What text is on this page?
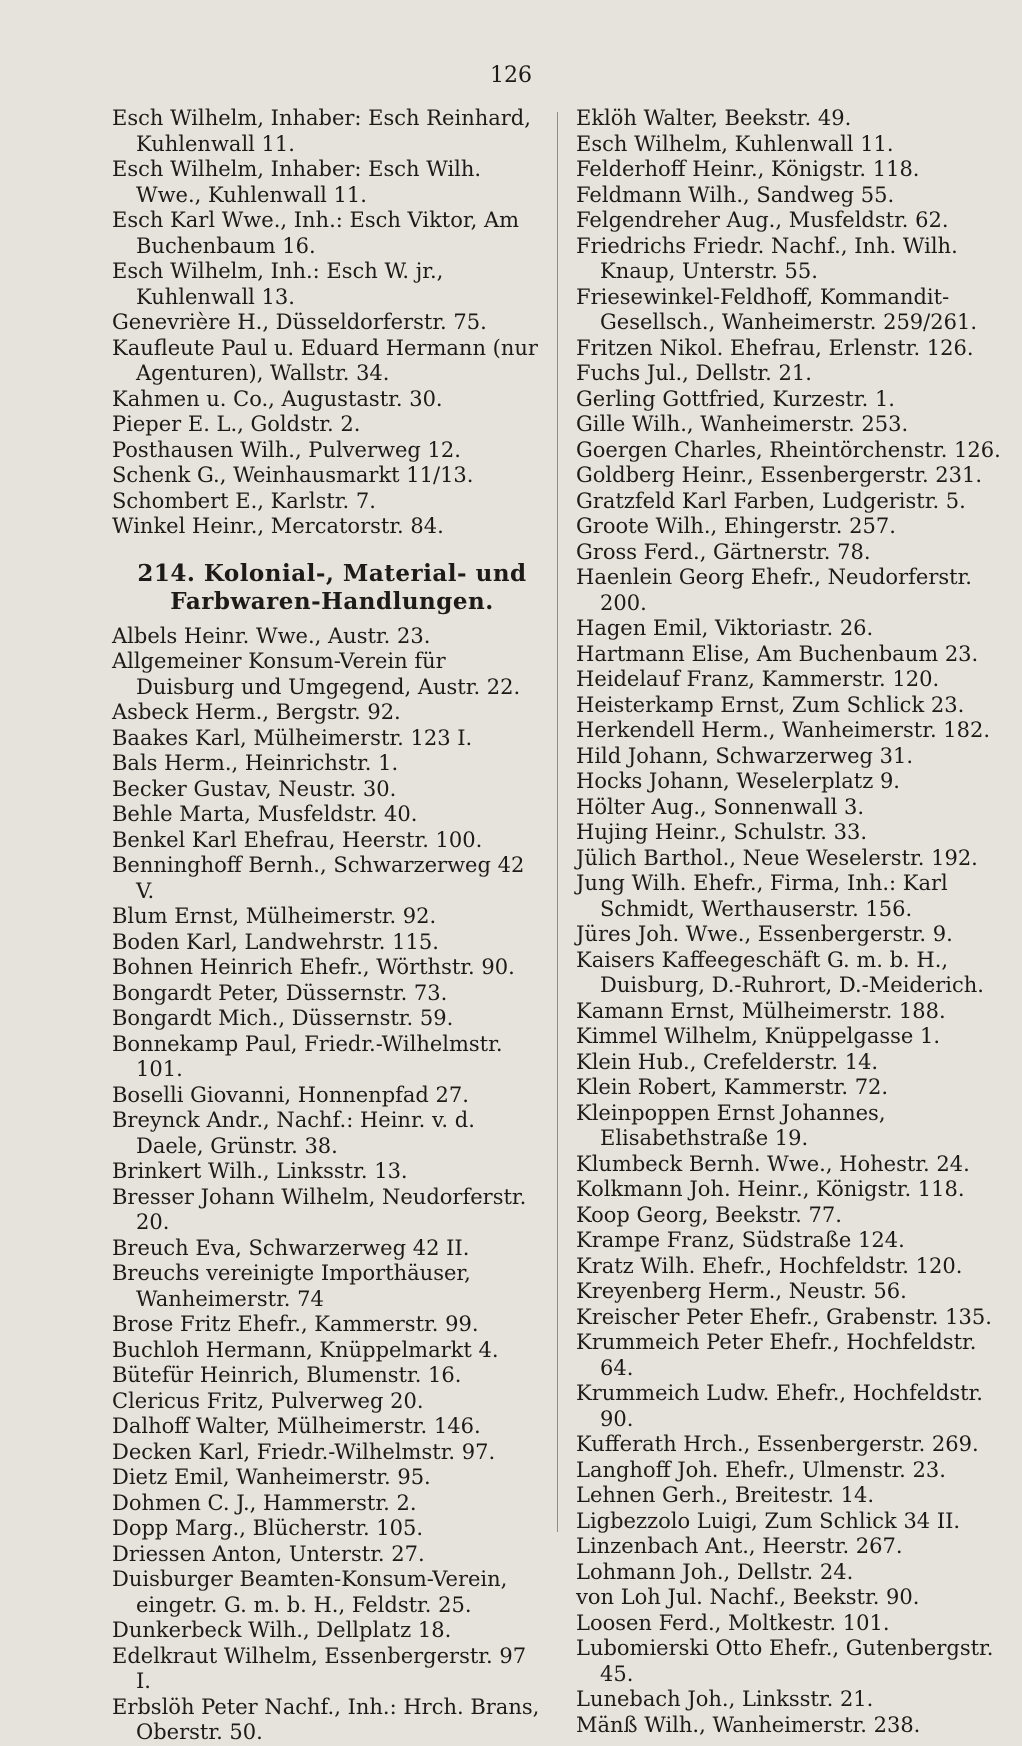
126
Esch Wilhelm, Inhaber: Esch Reinhard, Kuhlenwall 11.
Esch Wilhelm, Inhaber: Esch Wilh. Wwe., Kuhlenwall 11.
Esch Karl Wwe., Inh.: Esch Viktor, Am Buchenbaum 16.
Esch Wilhelm, Inh.: Esch W. jr., Kuhlenwall 13.
Genevrière H., Düsseldorferstr. 75.
Kaufleute Paul u. Eduard Hermann (nur Agenturen), Wallstr. 34.
Kahmen u. Co., Augustastr. 30.
Pieper E. L., Goldstr. 2.
Posthausen Wilh., Pulverweg 12.
Schenk G., Weinhausmarkt 11/13.
Schombert E., Karlstr. 7.
Winkel Heinr., Mercatorstr. 84.
214. Kolonial-, Material- und
Farbwaren-Handlungen.
Albels Heinr. Wwe., Austr. 23.
Allgemeiner Konsum-Verein für Duisburg und Umgegend, Austr. 22.
Asbeck Herm., Bergstr. 92.
Baakes Karl, Mülheimerstr. 123 I.
Bals Herm., Heinrichstr. 1.
Becker Gustav, Neustr. 30.
Behle Marta, Musfeldstr. 40.
Benkel Karl Ehefrau, Heerstr. 100.
Benninghoff Bernh., Schwarzerweg 42 V.
Blum Ernst, Mülheimerstr. 92.
Boden Karl, Landwehrstr. 115.
Bohnen Heinrich Ehefr., Wörthstr. 90.
Bongardt Peter, Düssernstr. 73.
Bongardt Mich., Düssernstr. 59.
Bonnekamp Paul, Friedr.-Wilhelmstr. 101.
Boselli Giovanni, Honnenpfad 27.
Breynck Andr., Nachf.: Heinr. v. d. Daele, Grünstr. 38.
Brinkert Wilh., Linksstr. 13.
Bresser Johann Wilhelm, Neudorferstr. 20.
Breuch Eva, Schwarzerweg 42 II.
Breuchs vereinigte Importhäuser, Wanheimerstr. 74
Brose Fritz Ehefr., Kammerstr. 99.
Buchloh Hermann, Knüppelmarkt 4.
Bütefür Heinrich, Blumenstr. 16.
Clericus Fritz, Pulverweg 20.
Dalhoff Walter, Mülheimerstr. 146.
Decken Karl, Friedr.-Wilhelmstr. 97.
Dietz Emil, Wanheimerstr. 95.
Dohmen C. J., Hammerstr. 2.
Dopp Marg., Blücherstr. 105.
Driessen Anton, Unterstr. 27.
Duisburger Beamten-Konsum-Verein, eingetr. G. m. b. H., Feldstr. 25.
Dunkerbeck Wilh., Dellplatz 18.
Edelkraut Wilhelm, Essenbergerstr. 97 I.
Erbslöh Peter Nachf., Inh.: Hrch. Brans, Oberstr. 50.
Eklöh Walter, Beekstr. 49.
Esch Wilhelm, Kuhlenwall 11.
Felderhoff Heinr., Königstr. 118.
Feldmann Wilh., Sandweg 55.
Felgendreher Aug., Musfeldstr. 62.
Friedrichs Friedr. Nachf., Inh. Wilh. Knaup, Unterstr. 55.
Friesewinkel-Feldhoff, Kommandit-Gesellsch., Wanheimerstr. 259/261.
Fritzen Nikol. Ehefrau, Erlenstr. 126.
Fuchs Jul., Dellstr. 21.
Gerling Gottfried, Kurzestr. 1.
Gille Wilh., Wanheimerstr. 253.
Goergen Charles, Rheintörchenstr. 126.
Goldberg Heinr., Essenbergerstr. 231.
Gratzfeld Karl Farben, Ludgeristr. 5.
Groote Wilh., Ehingerstr. 257.
Gross Ferd., Gärtnerstr. 78.
Haenlein Georg Ehefr., Neudorferstr. 200.
Hagen Emil, Viktoriastr. 26.
Hartmann Elise, Am Buchenbaum 23.
Heidelauf Franz, Kammerstr. 120.
Heisterkamp Ernst, Zum Schlick 23.
Herkendell Herm., Wanheimerstr. 182.
Hild Johann, Schwarzerweg 31.
Hocks Johann, Weselerplatz 9.
Hölter Aug., Sonnenwall 3.
Hujing Heinr., Schulstr. 33.
Jülich Barthol., Neue Weselerstr. 192.
Jung Wilh. Ehefr., Firma, Inh.: Karl Schmidt, Werthauserstr. 156.
Jüres Joh. Wwe., Essenbergerstr. 9.
Kaisers Kaffeegeschäft G. m. b. H., Duisburg, D.-Ruhrort, D.-Meiderich.
Kamann Ernst, Mülheimerstr. 188.
Kimmel Wilhelm, Knüppelgasse 1.
Klein Hub., Crefelderstr. 14.
Klein Robert, Kammerstr. 72.
Kleinpoppen Ernst Johannes, Elisabethstraße 19.
Klumbeck Bernh. Wwe., Hohestr. 24.
Kolkmann Joh. Heinr., Königstr. 118.
Koop Georg, Beekstr. 77.
Krampe Franz, Südstraße 124.
Kratz Wilh. Ehefr., Hochfeldstr. 120.
Kreyenberg Herm., Neustr. 56.
Kreischer Peter Ehefr., Grabenstr. 135.
Krummeich Peter Ehefr., Hochfeldstr. 64.
Krummeich Ludw. Ehefr., Hochfeldstr. 90.
Kufferath Hrch., Essenbergerstr. 269.
Langhoff Joh. Ehefr., Ulmenstr. 23.
Lehnen Gerh., Breitestr. 14.
Ligbezzolo Luigi, Zum Schlick 34 II.
Linzenbach Ant., Heerstr. 267.
Lohmann Joh., Dellstr. 24.
von Loh Jul. Nachf., Beekstr. 90.
Loosen Ferd., Moltkestr. 101.
Lubomierski Otto Ehefr., Gutenbergstr. 45.
Lunebach Joh., Linksstr. 21.
Mänß Wilh., Wanheimerstr. 238.
